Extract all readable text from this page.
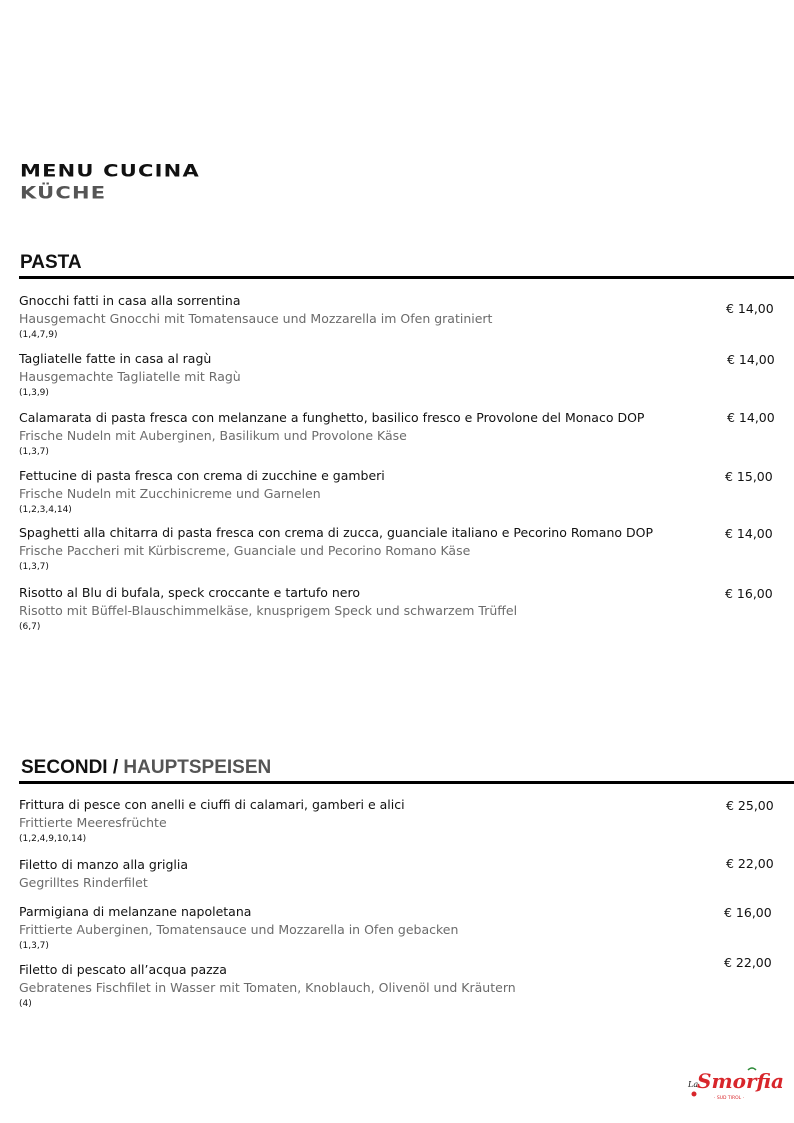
MENU CUCINA
KÜCHE
PASTA
Gnocchi fatti in casa alla sorrentina
Hausgemacht Gnocchi mit Tomatensauce und Mozzarella im Ofen gratiniert
(1,4,7,9)
€ 14,00
Tagliatelle fatte in casa al ragù
Hausgemachte Tagliatelle mit Ragù
(1,3,9)
€ 14,00
Calamarata di pasta fresca con melanzane a funghetto, basilico fresco e Provolone del Monaco DOP
Frische Nudeln mit Auberginen, Basilikum und Provolone Käse
(1,3,7)
€ 14,00
Fettucine di pasta fresca con crema di zucchine e gamberi
Frische Nudeln mit Zucchinicreme und Garnelen
(1,2,3,4,14)
€ 15,00
Spaghetti alla chitarra di pasta fresca con crema di zucca, guanciale italiano e Pecorino Romano DOP
Frische Paccheri mit Kürbiscreme, Guanciale und Pecorino Romano Käse
(1,3,7)
€ 14,00
Risotto al Blu di bufala, speck croccante e tartufo nero
Risotto mit Büffel-Blauschimmelkäse, knusprigem Speck und schwarzem Trüffel
(6,7)
€ 16,00
SECONDI / HAUPTSPEISEN
Frittura di pesce con anelli e ciuffi di calamari, gamberi e alici
Frittierte Meeresfrüchte
(1,2,4,9,10,14)
€ 25,00
Filetto di manzo alla griglia
Gegrilltes Rinderfilet
€ 22,00
Parmigiana di melanzane napoletana
Frittierte Auberginen, Tomatensauce und Mozzarella in Ofen gebacken
(1,3,7)
€ 16,00
Filetto di pescato all’acqua pazza
Gebratenes Fischfilet in Wasser mit Tomaten, Knoblauch, Olivenöl und Kräutern
(4)
€ 22,00
La
Smorfia
· SUD TIROL ·
